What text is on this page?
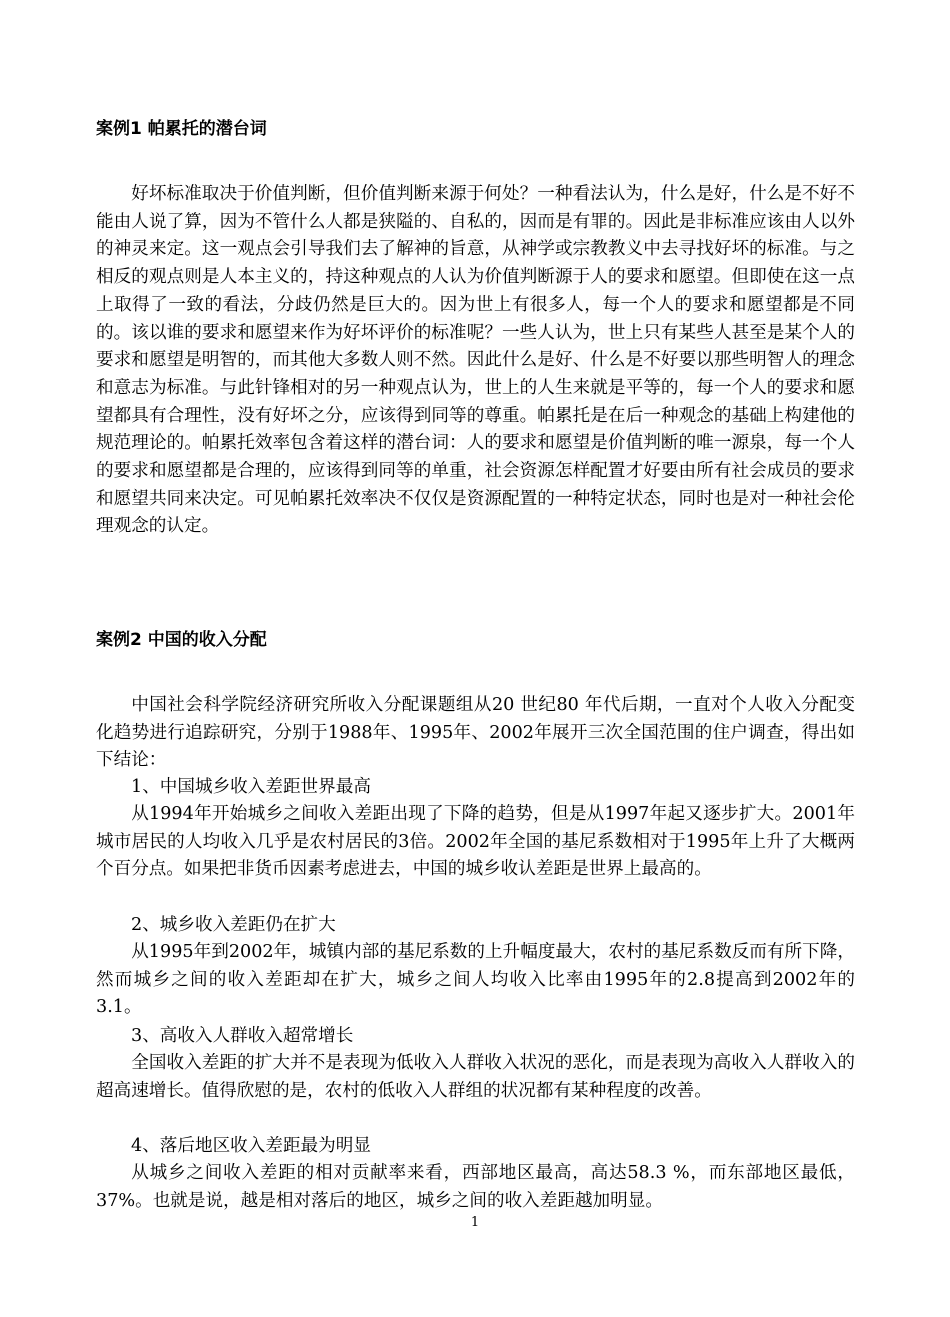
案例1 帕累托的潜台词

好坏标准取决于价值判断，但价值判断来源于何处？一种看法认为，什么是好，什么是不好不能由人说了算，因为不管什么人都是狭隘的、自私的，因而是有罪的。因此是非标准应该由人以外的神灵来定。这一观点会引导我们去了解神的旨意，从神学或宗教教义中去寻找好坏的标准。与之相反的观点则是人本主义的，持这种观点的人认为价值判断源于人的要求和愿望。但即使在这一点上取得了一致的看法，分歧仍然是巨大的。因为世上有很多人，每一个人的要求和愿望都是不同的。该以谁的要求和愿望来作为好坏评价的标准呢？一些人认为，世上只有某些人甚至是某个人的要求和愿望是明智的，而其他大多数人则不然。因此什么是好、什么是不好要以那些明智人的理念和意志为标准。与此针锋相对的另一种观点认为，世上的人生来就是平等的，每一个人的要求和愿望都具有合理性，没有好坏之分，应该得到同等的尊重。帕累托是在后一种观念的基础上构建他的规范理论的。帕累托效率包含着这样的潜台词：人的要求和愿望是价值判断的唯一源泉，每一个人的要求和愿望都是合理的，应该得到同等的单重，社会资源怎样配置才好要由所有社会成员的要求和愿望共同来决定。可见帕累托效率决不仅仅是资源配置的一种特定状态，同时也是对一种社会伦理观念的认定。

案例2 中国的收入分配

中国社会科学院经济研究所收入分配课题组从20 世纪80 年代后期，一直对个人收入分配变化趋势进行追踪研究，分别于1988年、1995年、2002年展开三次全国范围的住户调查，得出如下结论：

1、中国城乡收入差距世界最高

从1994年开始城乡之间收入差距出现了下降的趋势，但是从1997年起又逐步扩大。2001年城市居民的人均收入几乎是农村居民的3倍。2002年全国的基尼系数相对于1995年上升了大概两个百分点。如果把非货币因素考虑进去，中国的城乡收认差距是世界上最高的。

2、城乡收入差距仍在扩大

从1995年到2002年，城镇内部的基尼系数的上升幅度最大，农村的基尼系数反而有所下降，然而城乡之间的收入差距却在扩大，城乡之间人均收入比率由1995年的2.8提高到2002年的3.1。

3、高收入人群收入超常增长

全国收入差距的扩大并不是表现为低收入人群收入状况的恶化，而是表现为高收入人群收入的超高速增长。值得欣慰的是，农村的低收入人群组的状况都有某种程度的改善。

4、落后地区收入差距最为明显

从城乡之间收入差距的相对贡献率来看，西部地区最高，高达58.3 %，而东部地区最低，37%。也就是说，越是相对落后的地区，城乡之间的收入差距越加明显。

1
